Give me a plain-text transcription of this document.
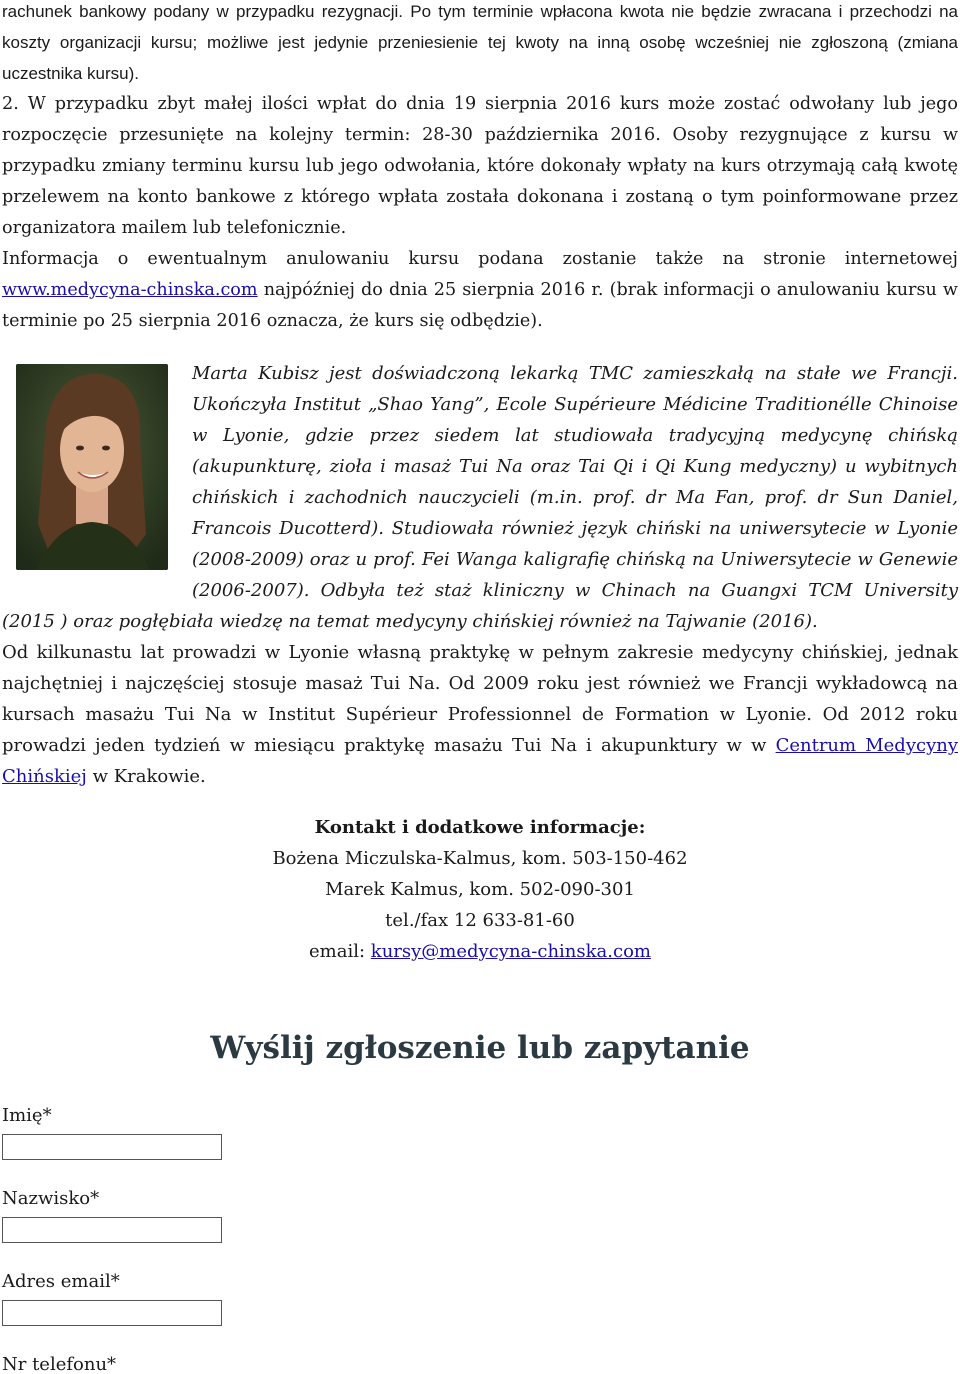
rachunek bankowy podany w przypadku rezygnacji. Po tym terminie wpłacona kwota nie będzie zwracana i przechodzi na koszty organizacji kursu; możliwe jest jedynie przeniesienie tej kwoty na inną osobę wcześniej nie zgłoszoną (zmiana uczestnika kursu).

2. W przypadku zbyt małej ilości wpłat do dnia 19 sierpnia 2016 kurs może zostać odwołany lub jego rozpoczęcie przesunięte na kolejny termin: 28-30 października 2016. Osoby rezygnujące z kursu w przypadku zmiany terminu kursu lub jego odwołania, które dokonały wpłaty na kurs otrzymają całą kwotę przelewem na konto bankowe z którego wpłata została dokonana i zostaną o tym poinformowane przez organizatora mailem lub telefonicznie.

Informacja o ewentualnym anulowaniu kursu podana zostanie także na stronie internetowej www.medycyna-chinska.com najpóźniej do dnia 25 sierpnia 2016 r. (brak informacji o anulowaniu kursu w terminie po 25 sierpnia 2016 oznacza, że kurs się odbędzie).

Marta Kubisz jest doświadczoną lekarką TMC zamieszkałą na stałe we Francji. Ukończyła Institut „Shao Yang”, Ecole Supérieure Médicine Traditionélle Chinoise w Lyonie, gdzie przez siedem lat studiowała tradycyjną medycynę chińską (akupunkturę, zioła i masaż Tui Na oraz Tai Qi i Qi Kung medyczny) u wybitnych chińskich i zachodnich nauczycieli (m.in. prof. dr Ma Fan, prof. dr Sun Daniel, Francois Ducotterd). Studiowała również język chiński na uniwersytecie w Lyonie (2008-2009) oraz u prof. Fei Wanga kaligrafię chińską na Uniwersytecie w Genewie (2006-2007). Odbyła też staż kliniczny w Chinach na Guangxi TCM University (2015 ) oraz pogłębiała wiedzę na temat medycyny chińskiej również na Tajwanie (2016).

Od kilkunastu lat prowadzi w Lyonie własną praktykę w pełnym zakresie medycyny chińskiej, jednak najchętniej i najczęściej stosuje masaż Tui Na. Od 2009 roku jest również we Francji wykładowcą na kursach masażu Tui Na w Institut Supérieur Professionnel de Formation w Lyonie. Od 2012 roku prowadzi jeden tydzień w miesiącu praktykę masażu Tui Na i akupunktury w w Centrum Medycyny Chińskiej w Krakowie.

Kontakt i dodatkowe informacje:
Bożena Miczulska-Kalmus, kom. 503-150-462
Marek Kalmus, kom. 502-090-301
tel./fax 12 633-81-60
email: kursy@medycyna-chinska.com
Wyślij zgłoszenie lub zapytanie
Imię*
Nazwisko*
Adres email*
Nr telefonu*
